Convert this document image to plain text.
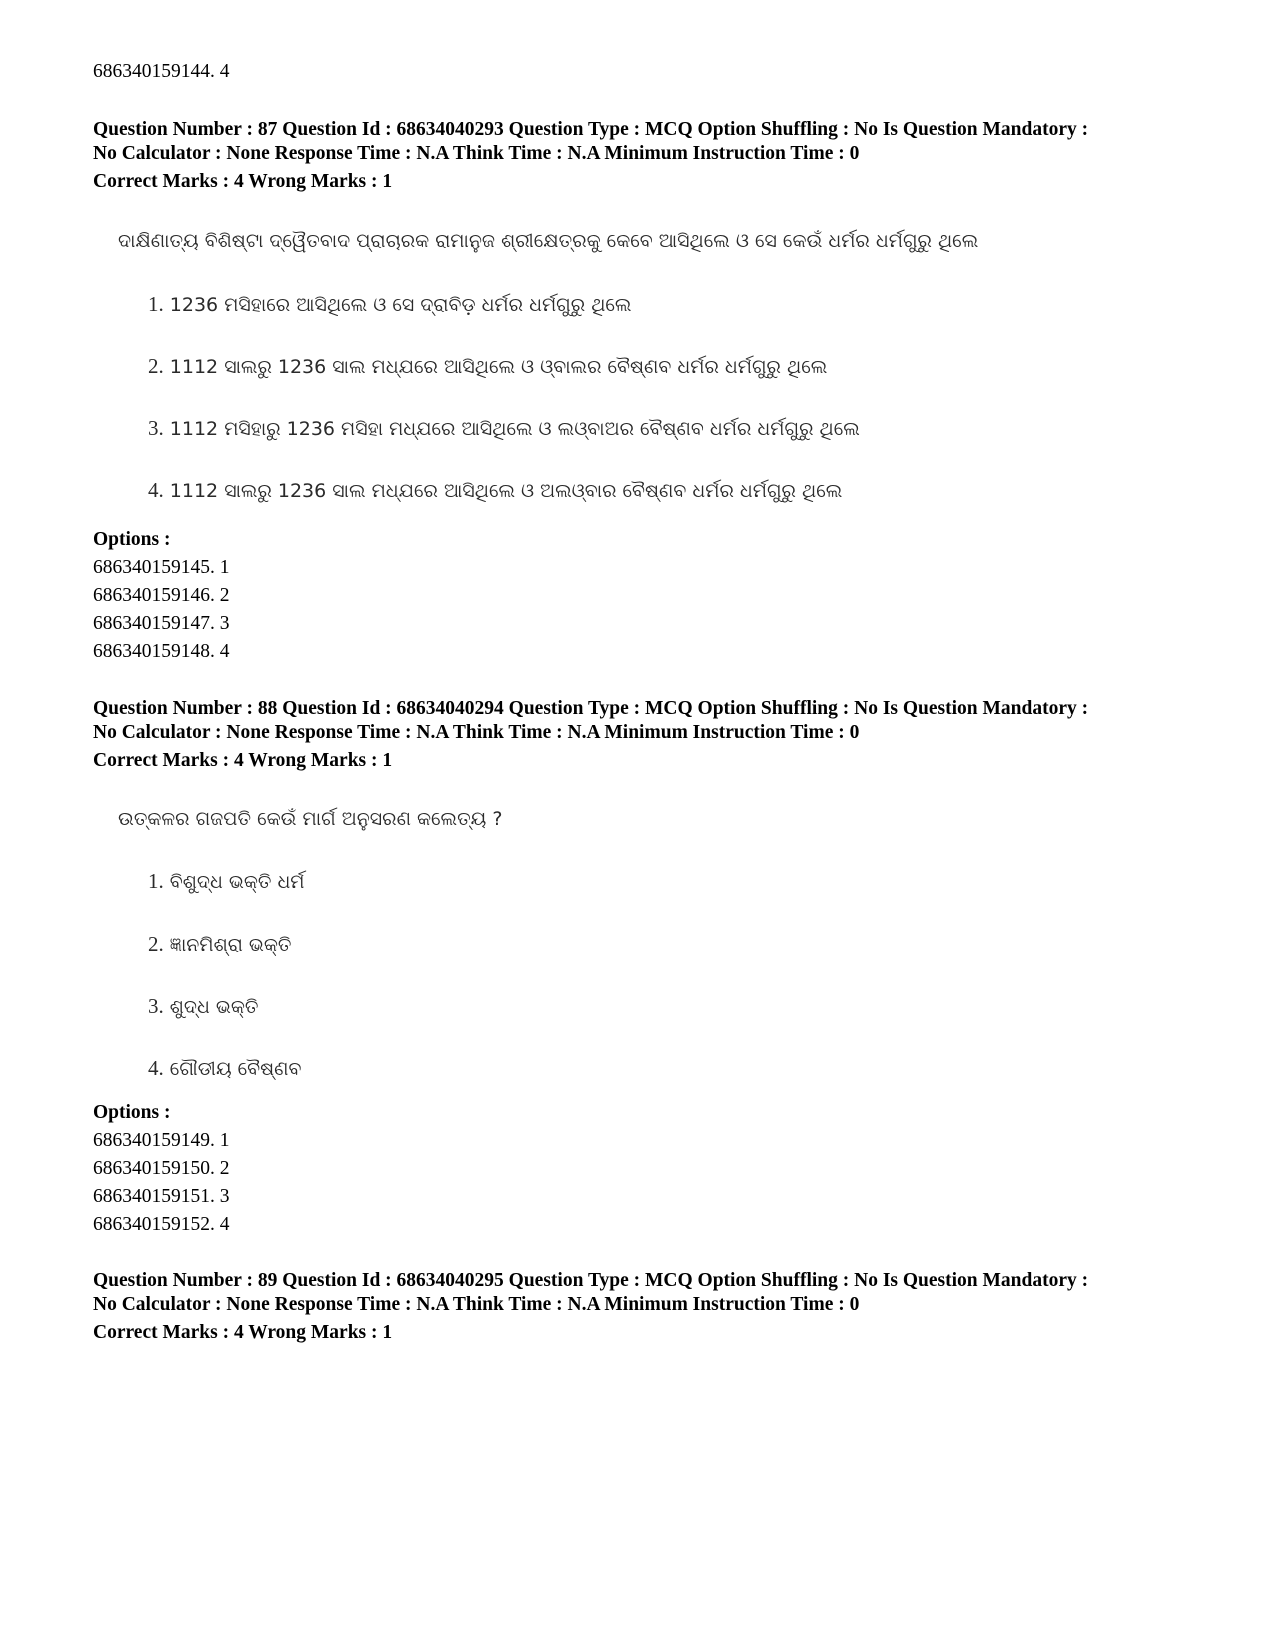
686340159144. 4
Question Number : 87 Question Id : 68634040293 Question Type : MCQ Option Shuffling : No Is Question Mandatory :
No Calculator : None Response Time : N.A Think Time : N.A Minimum Instruction Time : 0
Correct Marks : 4 Wrong Marks : 1
ଦାକ୍ଷିଣାତ୍ୟ ବିଶିଷ୍ଟା ଦ୍ୱୈତବାଦ ପ୍ରାଚାରକ ରାମାନୁଜ ଶ୍ରୀକ୍ଷେତ୍ରକୁ କେବେ ଆସିଥିଲେ ଓ ସେ କେଉଁ ଧର୍ମର ଧର୍ମଗୁରୁ ଥିଲେ
1. 1236 ମସିହାରେ ଆସିଥିଲେ ଓ ସେ ଦ୍ରାବିଡ଼ ଧର୍ମର ଧର୍ମଗୁରୁ ଥିଲେ
2. 1112 ସାଲରୁ 1236 ସାଲ ମଧ୍ଯରେ ଆସିଥିଲେ ଓ ଓ୍ବାଲର ବୈଷ୍ଣବ ଧର୍ମର ଧର୍ମଗୁରୁ ଥିଲେ
3. 1112 ମସିହାରୁ 1236 ମସିହା ମଧ୍ଯରେ ଆସିଥିଲେ ଓ ଲଓ୍ବାଅର ବୈଷ୍ଣବ ଧର୍ମର ଧର୍ମଗୁରୁ ଥିଲେ
4. 1112 ସାଲରୁ 1236 ସାଲ ମଧ୍ଯରେ ଆସିଥିଲେ ଓ ଅଲଓ୍ବାର ବୈଷ୍ଣବ ଧର୍ମର ଧର୍ମଗୁରୁ ଥିଲେ
Options :
686340159145. 1
686340159146. 2
686340159147. 3
686340159148. 4
Question Number : 88 Question Id : 68634040294 Question Type : MCQ Option Shuffling : No Is Question Mandatory :
No Calculator : None Response Time : N.A Think Time : N.A Minimum Instruction Time : 0
Correct Marks : 4 Wrong Marks : 1
ଉତ୍କଳର ଗଜପତି କେଉଁ ମାର୍ଗ ଅନୁସରଣ କଲେତ୍ୟ ?
1. ବିଶୁଦ୍ଧ ଭକ୍ତି ଧର୍ମ
2. ଜ୍ଞାନମିଶ୍ରା ଭକ୍ତି
3. ଶୁଦ୍ଧ ଭକ୍ତି
4. ଗୌଡୀୟ ବୈଷ୍ଣବ
Options :
686340159149. 1
686340159150. 2
686340159151. 3
686340159152. 4
Question Number : 89 Question Id : 68634040295 Question Type : MCQ Option Shuffling : No Is Question Mandatory :
No Calculator : None Response Time : N.A Think Time : N.A Minimum Instruction Time : 0
Correct Marks : 4 Wrong Marks : 1
